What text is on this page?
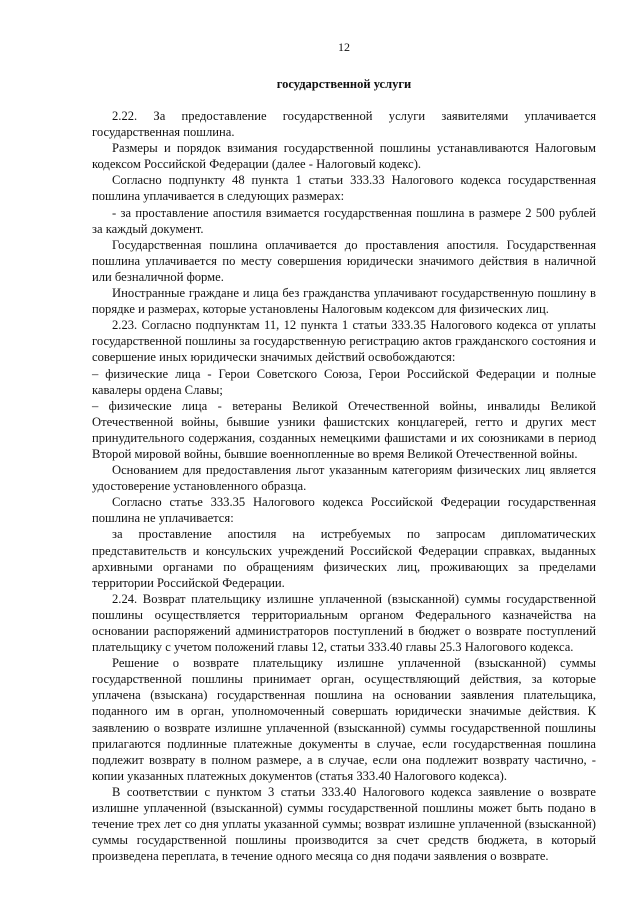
12
государственной услуги

2.22. За предоставление государственной услуги заявителями уплачивается государственная пошлина.

Размеры и порядок взимания государственной пошлины устанавливаются Налоговым кодексом Российской Федерации (далее - Налоговый кодекс).

Согласно подпункту 48 пункта 1 статьи 333.33 Налогового кодекса государственная пошлина уплачивается в следующих размерах:

- за проставление апостиля взимается государственная пошлина в размере 2 500 рублей за каждый документ.

Государственная пошлина оплачивается до проставления апостиля. Государственная пошлина уплачивается по месту совершения юридически значимого действия в наличной или безналичной форме.

Иностранные граждане и лица без гражданства уплачивают государственную пошлину в порядке и размерах, которые установлены Налоговым кодексом для физических лиц.

2.23. Согласно подпунктам 11, 12 пункта 1 статьи 333.35 Налогового кодекса от уплаты государственной пошлины за государственную регистрацию актов гражданского состояния и совершение иных юридически значимых действий освобождаются:

– физические лица - Герои Советского Союза, Герои Российской Федерации и полные кавалеры ордена Славы;

– физические лица - ветераны Великой Отечественной войны, инвалиды Великой Отечественной войны, бывшие узники фашистских концлагерей, гетто и других мест принудительного содержания, созданных немецкими фашистами и их союзниками в период Второй мировой войны, бывшие военнопленные во время Великой Отечественной войны.

Основанием для предоставления льгот указанным категориям физических лиц является удостоверение установленного образца.

Согласно статье 333.35 Налогового кодекса Российской Федерации государственная пошлина не уплачивается:

за проставление апостиля на истребуемых по запросам дипломатических представительств и консульских учреждений Российской Федерации справках, выданных архивными органами по обращениям физических лиц, проживающих за пределами территории Российской Федерации.

2.24. Возврат плательщику излишне уплаченной (взысканной) суммы государственной пошлины осуществляется территориальным органом Федерального казначейства на основании распоряжений администраторов поступлений в бюджет о возврате поступлений плательщику с учетом положений главы 12, статьи 333.40 главы 25.3 Налогового кодекса.

Решение о возврате плательщику излишне уплаченной (взысканной) суммы государственной пошлины принимает орган, осуществляющий действия, за которые уплачена (взыскана) государственная пошлина на основании заявления плательщика, поданного им в орган, уполномоченный совершать юридически значимые действия. К заявлению о возврате излишне уплаченной (взысканной) суммы государственной пошлины прилагаются подлинные платежные документы в случае, если государственная пошлина подлежит возврату в полном размере, а в случае, если она подлежит возврату частично, - копии указанных платежных документов (статья 333.40 Налогового кодекса).

В соответствии с пунктом 3 статьи 333.40 Налогового кодекса заявление о возврате излишне уплаченной (взысканной) суммы государственной пошлины может быть подано в течение трех лет со дня уплаты указанной суммы; возврат излишне уплаченной (взысканной) суммы государственной пошлины производится за счет средств бюджета, в который произведена переплата, в течение одного месяца со дня подачи заявления о возврате.
